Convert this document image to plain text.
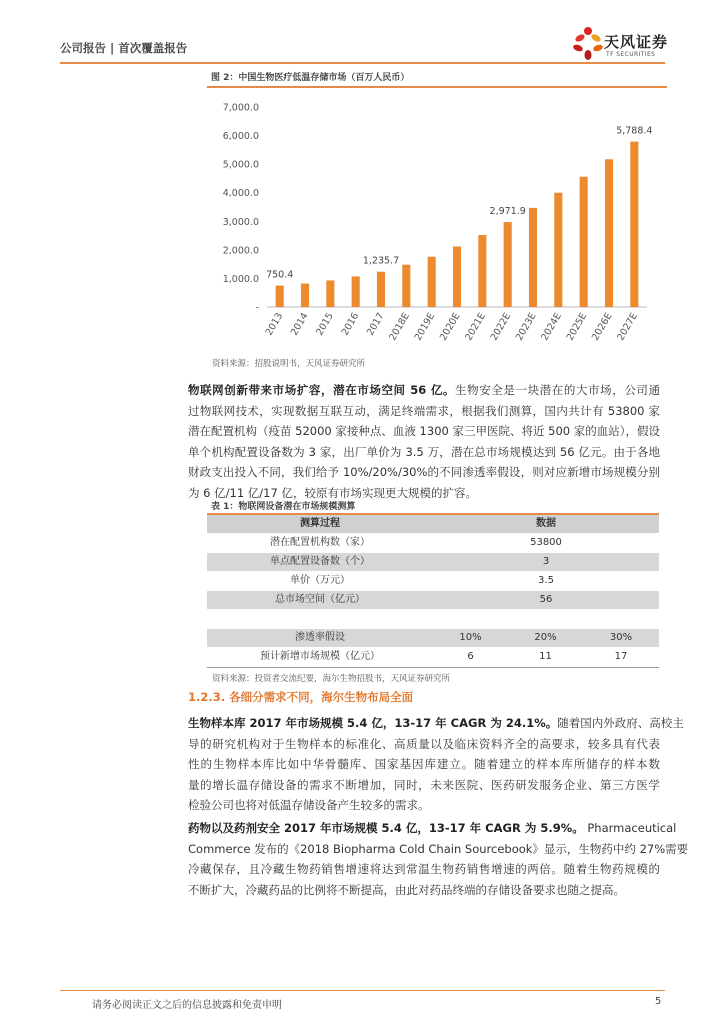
公司报告 | 首次覆盖报告	天风证券
TF SECURITIES
图 2：中国生物医疗低温存储市场（百万人民币）
-
1,000.0
2,000.0
3,000.0
4,000.0
5,000.0
6,000.0
7,000.0
2013 2014 2015 2016 2017 2018E 2019E 2020E 2021E 2022E 2023E 2024E 2025E 2026E 2027E
750.4
1,235.7
2,971.9
5,788.4
资料来源：招股说明书，天风证券研究所
物联网创新带来市场扩容，潜在市场空间 56 亿。生物安全是一块潜在的大市场，公司通
过物联网技术，实现数据互联互动，满足终端需求，根据我们测算，国内共计有 53800 家
潜在配置机构（疫苗 52000 家接种点、血液 1300 家三甲医院、将近 500 家的血站），假设
单个机构配置设备数为 3 家，出厂单价为 3.5 万，潜在总市场规模达到 56 亿元。由于各地
财政支出投入不同，我们给予 10%/20%/30%的不同渗透率假设，则对应新增市场规模分别
为 6 亿/11 亿/17 亿，较原有市场实现更大规模的扩容。
表 1：物联网设备潜在市场规模测算
测算过程	数据
潜在配置机构数（家）	53800
单点配置设备数（个）	3
单价（万元）	3.5
总市场空间（亿元）	56
渗透率假设	10%	20%	30%
预计新增市场规模（亿元）	6	11	17
资料来源：投资者交流纪要，海尔生物招股书，天风证券研究所
1.2.3. 各细分需求不同，海尔生物布局全面
生物样本库 2017 年市场规模 5.4 亿，13-17 年 CAGR 为 24.1%。随着国内外政府、高校主
导的研究机构对于生物样本的标准化、高质量以及临床资料齐全的高要求，较多具有代表
性的生物样本库比如中华骨髓库、国家基因库建立。随着建立的样本库所储存的样本数
量的增长温存储设备的需求不断增加，同时，未来医院、医药研发服务企业、第三方医学
检验公司也将对低温存储设备产生较多的需求。
药物以及药剂安全 2017 年市场规模 5.4 亿，13-17 年 CAGR 为 5.9%。 Pharmaceutical
Commerce 发布的《2018 Biopharma Cold Chain Sourcebook》显示，生物药中约 27%需要
冷藏保存，且冷藏生物药销售增速将达到常温生物药销售增速的两倍。随着生物药规模的
不断扩大，冷藏药品的比例将不断提高，由此对药品终端的存储设备要求也随之提高。
请务必阅读正文之后的信息披露和免责申明	5
